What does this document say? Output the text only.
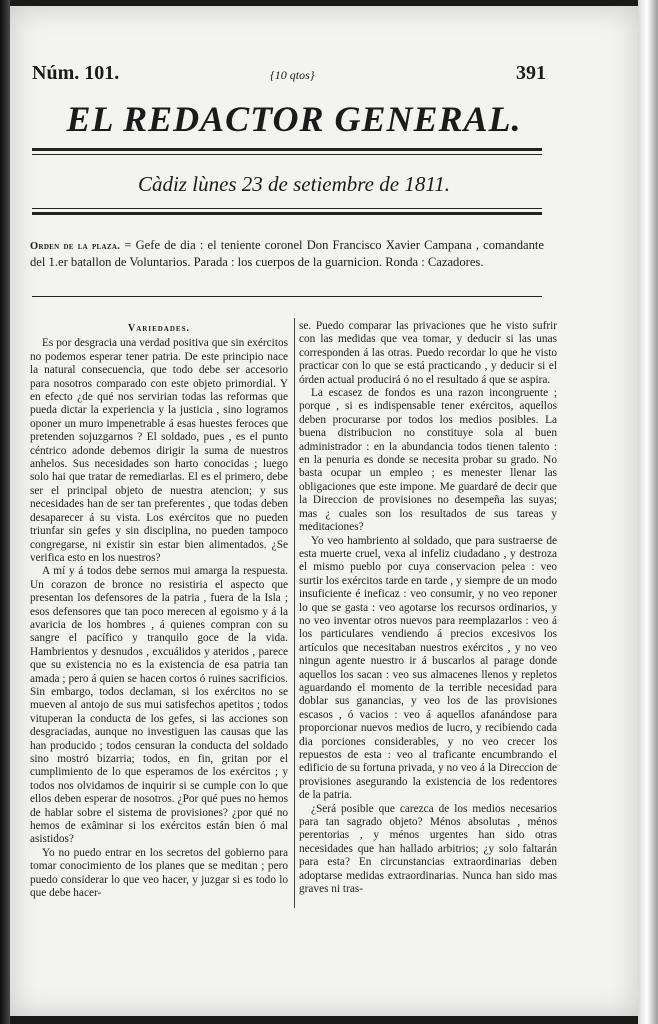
Núm. 101.	{10 qtos}	391
EL REDACTOR GENERAL.
Càdiz lùnes 23 de setiembre de 1811.
Orden de la plaza. = Gefe de dia : el teniente coronel Don Francisco Xavier Campana , comandante del 1.er batallon de Voluntarios. Parada : los cuerpos de la guarnicion. Ronda : Cazadores.
Variedades.

Es por desgracia una verdad positiva que sin exércitos no podemos esperar tener patria. De este principio nace la natural consecuencia, que todo debe ser accesorio para nosotros comparado con este objeto primordial. Y en efecto ¿de qué nos servirian todas las reformas que pueda dictar la experiencia y la justicia , sino logramos oponer un muro impenetrable á esas huestes feroces que pretenden sojuzgarnos ? El soldado, pues , es el punto céntrico adonde debemos dirigir la suma de nuestros anhelos. Sus necesidades son harto conocidas ; luego solo hai que tratar de remediarlas. El es el primero, debe ser el principal objeto de nuestra atencion; y sus necesidades han de ser tan preferentes , que todas deben desaparecer á su vista. Los exércitos que no pueden triunfar sin gefes y sin disciplina, no pueden tampoco congregarse, ni existir sin estar bien alimentados. ¿Se verifica esto en los nuestros?

A mí y á todos debe sernos mui amarga la respuesta. Un corazon de bronce no resistiria el aspecto que presentan los defensores de la patria , fuera de la Isla ; esos defensores que tan poco merecen al egoismo y á la avaricia de los hombres , á quienes compran con su sangre el pacífico y tranquilo goce de la vida. Hambrientos y desnudos , excuálidos y ateridos , parece que su existencia no es la existencia de esa patria tan amada ; pero á quien se hacen cortos ó ruines sacrificios. Sin embargo, todos declaman, si los exércitos no se mueven al antojo de sus mui satisfechos apetitos ; todos vituperan la conducta de los gefes, si las acciones son desgraciadas, aunque no investiguen las causas que las han producido ; todos censuran la conducta del soldado sino mostró bizarria; todos, en fin, gritan por el cumplimiento de lo que esperamos de los exércitos ; y todos nos olvidamos de inquirir si se cumple con lo que ellos deben esperar de nosotros. ¿Por qué pues no hemos de hablar sobre el sistema de provisiones? ¿por qué no hemos de exâminar si los exércitos están bien ó mal asistidos?

Yo no puedo entrar en los secretos del gobierno para tomar conocimiento de los planes que se meditan ; pero puedo considerar lo que veo hacer, y juzgar si es todo lo que debe hacer-

se. Puedo comparar las privaciones que he visto sufrir con las medidas que vea tomar, y deducir si las unas corresponden á las otras. Puedo recordar lo que he visto practicar con lo que se está practicando , y deducir si el órden actual producirá ó no el resultado á que se aspira.

La escasez de fondos es una razon incongruente ; porque , si es indispensable tener exércitos, aquellos deben procurarse por todos los medios posibles. La buena distribucion no constituye sola al buen administrador : en la abundancia todos tienen talento : en la penuria es donde se necesita probar su grado. No basta ocupar un empleo ; es menester llenar las obligaciones que este impone. Me guardaré de decir que la Direccion de provisiones no desempeña las suyas; mas ¿ cuales son los resultados de sus tareas y meditaciones?

Yo veo hambriento al soldado, que para sustraerse de esta muerte cruel, vexa al infeliz ciudadano , y destroza el mismo pueblo por cuya conservacion pelea : veo surtir los exércitos tarde en tarde , y siempre de un modo insuficiente é ineficaz : veo consumir, y no veo reponer lo que se gasta : veo agotarse los recursos ordinarios, y no veo inventar otros nuevos para reemplazarlos : veo á los particulares vendiendo á precios excesivos los artículos que necesitaban nuestros exércitos , y no veo ningun agente nuestro ir á buscarlos al parage donde aquellos los sacan : veo sus almacenes llenos y repletos aguardando el momento de la terrible necesidad para doblar sus ganancias, y veo los de las provisiones escasos , ó vacios : veo á aquellos afanándose para proporcionar nuevos medios de lucro, y recibiendo cada dia porciones considerables, y no veo crecer los repuestos de esta : veo al traficante encumbrando el edificio de su fortuna privada, y no veo á la Direccion de provisiones asegurando la existencia de los redentores de la patria.

¿Será posible que carezca de los medios necesarios para tan sagrado objeto? Ménos absolutas , ménos perentorias , y ménos urgentes han sido otras necesidades que han hallado arbitrios; ¿y solo faltarán para esta? En circunstancias extraordinarias deben adoptarse medidas extraordinarias. Nunca han sido mas graves ni tras-
